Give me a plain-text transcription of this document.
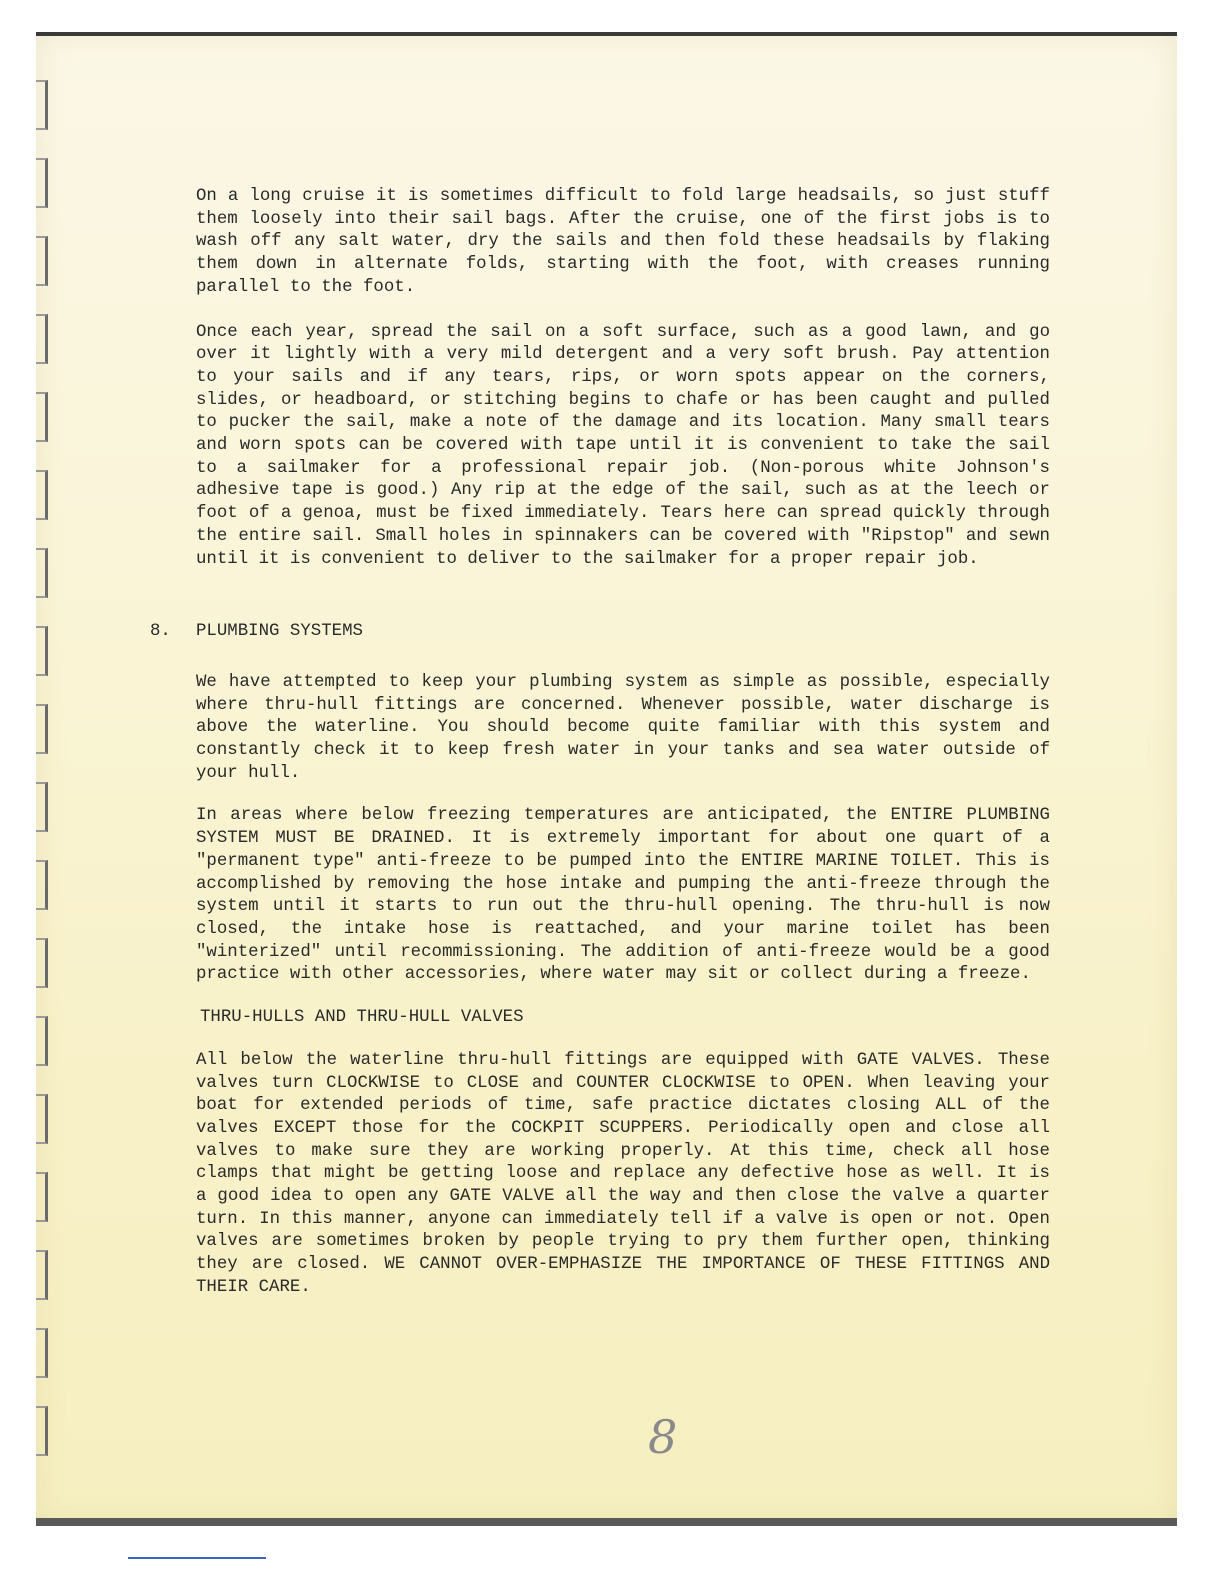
On a long cruise it is sometimes difficult to fold large headsails, so just stuff them loosely into their sail bags. After the cruise, one of the first jobs is to wash off any salt water, dry the sails and then fold these headsails by flaking them down in alternate folds, starting with the foot, with creases running parallel to the foot.

Once each year, spread the sail on a soft surface, such as a good lawn, and go over it lightly with a very mild detergent and a very soft brush. Pay attention to your sails and if any tears, rips, or worn spots appear on the corners, slides, or headboard, or stitching begins to chafe or has been caught and pulled to pucker the sail, make a note of the damage and its location. Many small tears and worn spots can be covered with tape until it is convenient to take the sail to a sailmaker for a professional repair job. (Non-porous white Johnson's adhesive tape is good.) Any rip at the edge of the sail, such as at the leech or foot of a genoa, must be fixed immediately. Tears here can spread quickly through the entire sail. Small holes in spinnakers can be covered with "Ripstop" and sewn until it is convenient to deliver to the sailmaker for a proper repair job.

8.	PLUMBING SYSTEMS

We have attempted to keep your plumbing system as simple as possible, especially where thru-hull fittings are concerned. Whenever possible, water discharge is above the waterline. You should become quite familiar with this system and constantly check it to keep fresh water in your tanks and sea water outside of your hull.

In areas where below freezing temperatures are anticipated, the ENTIRE PLUMBING SYSTEM MUST BE DRAINED. It is extremely important for about one quart of a "permanent type" anti-freeze to be pumped into the ENTIRE MARINE TOILET. This is accomplished by removing the hose intake and pumping the anti-freeze through the system until it starts to run out the thru-hull opening. The thru-hull is now closed, the intake hose is reattached, and your marine toilet has been "winterized" until recommissioning. The addition of anti-freeze would be a good practice with other accessories, where water may sit or collect during a freeze.

THRU-HULLS AND THRU-HULL VALVES

All below the waterline thru-hull fittings are equipped with GATE VALVES. These valves turn CLOCKWISE to CLOSE and COUNTER CLOCKWISE to OPEN. When leaving your boat for extended periods of time, safe practice dictates closing ALL of the valves EXCEPT those for the COCKPIT SCUPPERS. Periodically open and close all valves to make sure they are working properly. At this time, check all hose clamps that might be getting loose and replace any defective hose as well. It is a good idea to open any GATE VALVE all the way and then close the valve a quarter turn. In this manner, anyone can immediately tell if a valve is open or not. Open valves are sometimes broken by people trying to pry them further open, thinking they are closed. WE CANNOT OVER-EMPHASIZE THE IMPORTANCE OF THESE FITTINGS AND THEIR CARE.

8
